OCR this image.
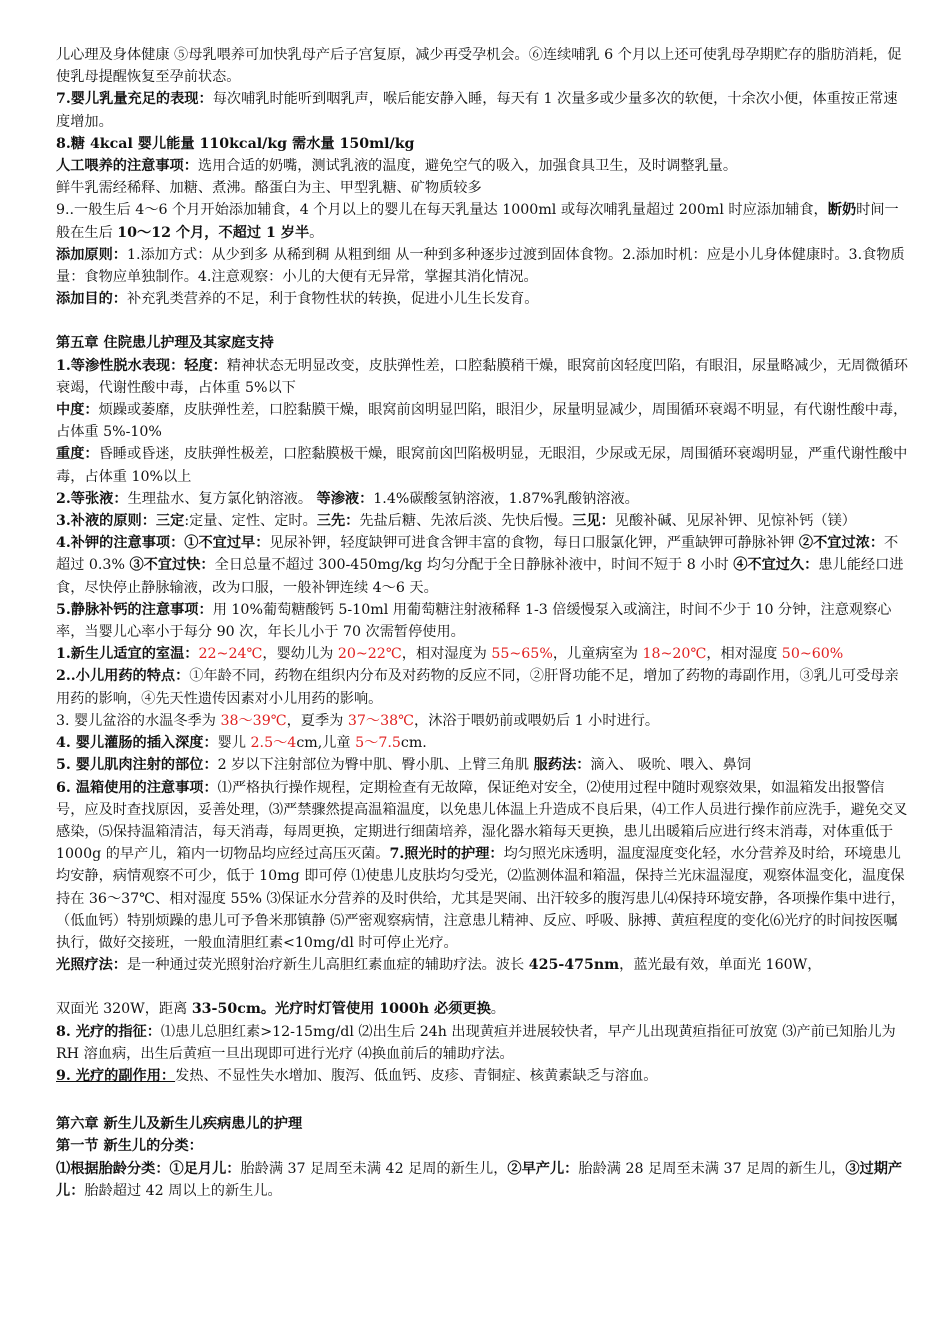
儿心理及身体健康 ⑤母乳喂养可加快乳母产后子宫复原，减少再受孕机会。⑥连续哺乳 6 个月以上还可使乳母孕期贮存的脂肪消耗，促使乳母提醒恢复至孕前状态。

7.婴儿乳量充足的表现：每次哺乳时能听到咽乳声，喉后能安静入睡，每天有 1 次量多或少量多次的软便，十余次小便，体重按正常速度增加。

8.糖 4kcal 婴儿能量 110kcal/kg 需水量 150ml/kg

人工喂养的注意事项：选用合适的奶嘴，测试乳液的温度，避免空气的吸入，加强食具卫生，及时调整乳量。

鲜牛乳需经稀释、加糖、煮沸。酪蛋白为主、甲型乳糖、矿物质较多

9..一般生后 4～6 个月开始添加辅食，4 个月以上的婴儿在每天乳量达 1000ml 或每次哺乳量超过 200ml 时应添加辅食，断奶时间一般在生后 10～12 个月，不超过 1 岁半。

添加原则：1.添加方式：从少到多 从稀到稠 从粗到细 从一种到多种逐步过渡到固体食物。2.添加时机：应是小儿身体健康时。3.食物质量：食物应单独制作。4.注意观察：小儿的大便有无异常，掌握其消化情况。

添加目的：补充乳类营养的不足，利于食物性状的转换，促进小儿生长发育。

第五章 住院患儿护理及其家庭支持

1.等渗性脱水表现：轻度：精神状态无明显改变，皮肤弹性差，口腔黏膜稍干燥，眼窝前囟轻度凹陷，有眼泪，尿量略减少，无周微循环衰竭，代谢性酸中毒，占体重 5%以下

中度：烦躁或萎靡，皮肤弹性差，口腔黏膜干燥，眼窝前囟明显凹陷，眼泪少，尿量明显减少，周围循环衰竭不明显，有代谢性酸中毒，占体重 5%-10%

重度：昏睡或昏迷，皮肤弹性极差，口腔黏膜极干燥，眼窝前囟凹陷极明显，无眼泪，少尿或无尿，周围循环衰竭明显，严重代谢性酸中毒，占体重 10%以上

2.等张液：生理盐水、复方氯化钠溶液。 等渗液：1.4%碳酸氢钠溶液，1.87%乳酸钠溶液。

3.补液的原则：三定:定量、定性、定时。三先：先盐后糖、先浓后淡、先快后慢。三见：见酸补碱、见尿补钾、见惊补钙（镁）

4.补钾的注意事项：①不宜过早：见尿补钾，轻度缺钾可进食含钾丰富的食物，每日口服氯化钾，严重缺钾可静脉补钾 ②不宜过浓：不超过 0.3% ③不宜过快：全日总量不超过 300-450mg/kg 均匀分配于全日静脉补液中，时间不短于 8 小时 ④不宜过久：患儿能经口进食，尽快停止静脉输液，改为口服，一般补钾连续 4～6 天。

5.静脉补钙的注意事项：用 10%葡萄糖酸钙 5-10ml 用葡萄糖注射液稀释 1-3 倍缓慢泵入或滴注，时间不少于 10 分钟，注意观察心率，当婴儿心率小于每分 90 次，年长儿小于 70 次需暂停使用。

1.新生儿适宜的室温：22~24℃，婴幼儿为 20~22℃，相对湿度为 55~65%，儿童病室为 18~20℃，相对湿度 50~60%

2..小儿用药的特点：①年龄不同，药物在组织内分布及对药物的反应不同，②肝肾功能不足，增加了药物的毒副作用，③乳儿可受母亲用药的影响，④先天性遗传因素对小儿用药的影响。

3. 婴儿盆浴的水温冬季为 38～39℃，夏季为 37～38℃，沐浴于喂奶前或喂奶后 1 小时进行。

4. 婴儿灌肠的插入深度：婴儿 2.5～4cm,儿童 5～7.5cm.

5. 婴儿肌肉注射的部位：2 岁以下注射部位为臀中肌、臀小肌、上臂三角肌 服药法：滴入、 吸吮、喂入、鼻饲

6. 温箱使用的注意事项：⑴严格执行操作规程，定期检查有无故障，保证绝对安全，⑵使用过程中随时观察效果，如温箱发出报警信号，应及时查找原因，妥善处理，⑶严禁骤然提高温箱温度，以免患儿体温上升造成不良后果，⑷工作人员进行操作前应洗手，避免交叉感染，⑸保持温箱清洁，每天消毒，每周更换，定期进行细菌培养，湿化器水箱每天更换，患儿出暖箱后应进行终末消毒，对体重低于 1000g 的早产儿，箱内一切物品均应经过高压灭菌。7.照光时的护理：均匀照光床透明，温度湿度变化轻，水分营养及时给，环境患儿均安静，病情观察不可少，低于 10mg 即可停 ⑴使患儿皮肤均匀受光，⑵监测体温和箱温，保持兰光床温湿度，观察体温变化，温度保持在 36～37℃、相对湿度 55% ⑶保证水分营养的及时供给，尤其是哭闹、出汗较多的腹泻患儿⑷保持环境安静，各项操作集中进行，（低血钙）特别烦躁的患儿可予鲁米那镇静 ⑸严密观察病情，注意患儿精神、反应、呼吸、脉搏、黄疸程度的变化⑹光疗的时间按医嘱执行，做好交接班，一般血清胆红素<10mg/dl 时可停止光疗。

光照疗法：是一种通过荧光照射治疗新生儿高胆红素血症的辅助疗法。波长 425-475nm，蓝光最有效，单面光 160W，

双面光 320W，距离 33-50cm。光疗时灯管使用 1000h 必须更换。

8. 光疗的指征：⑴患儿总胆红素>12-15mg/dl ⑵出生后 24h 出现黄疸并进展较快者，早产儿出现黄疸指征可放宽 ⑶产前已知胎儿为 RH 溶血病，出生后黄疸一旦出现即可进行光疗 ⑷换血前后的辅助疗法。

9. 光疗的副作用：发热、不显性失水增加、腹泻、低血钙、皮疹、青铜症、核黄素缺乏与溶血。

第六章 新生儿及新生儿疾病患儿的护理

第一节 新生儿的分类：

⑴根据胎龄分类：①足月儿：胎龄满 37 足周至未满 42 足周的新生儿，②早产儿：胎龄满 28 足周至未满 37 足周的新生儿，③过期产儿：胎龄超过 42 周以上的新生儿。
